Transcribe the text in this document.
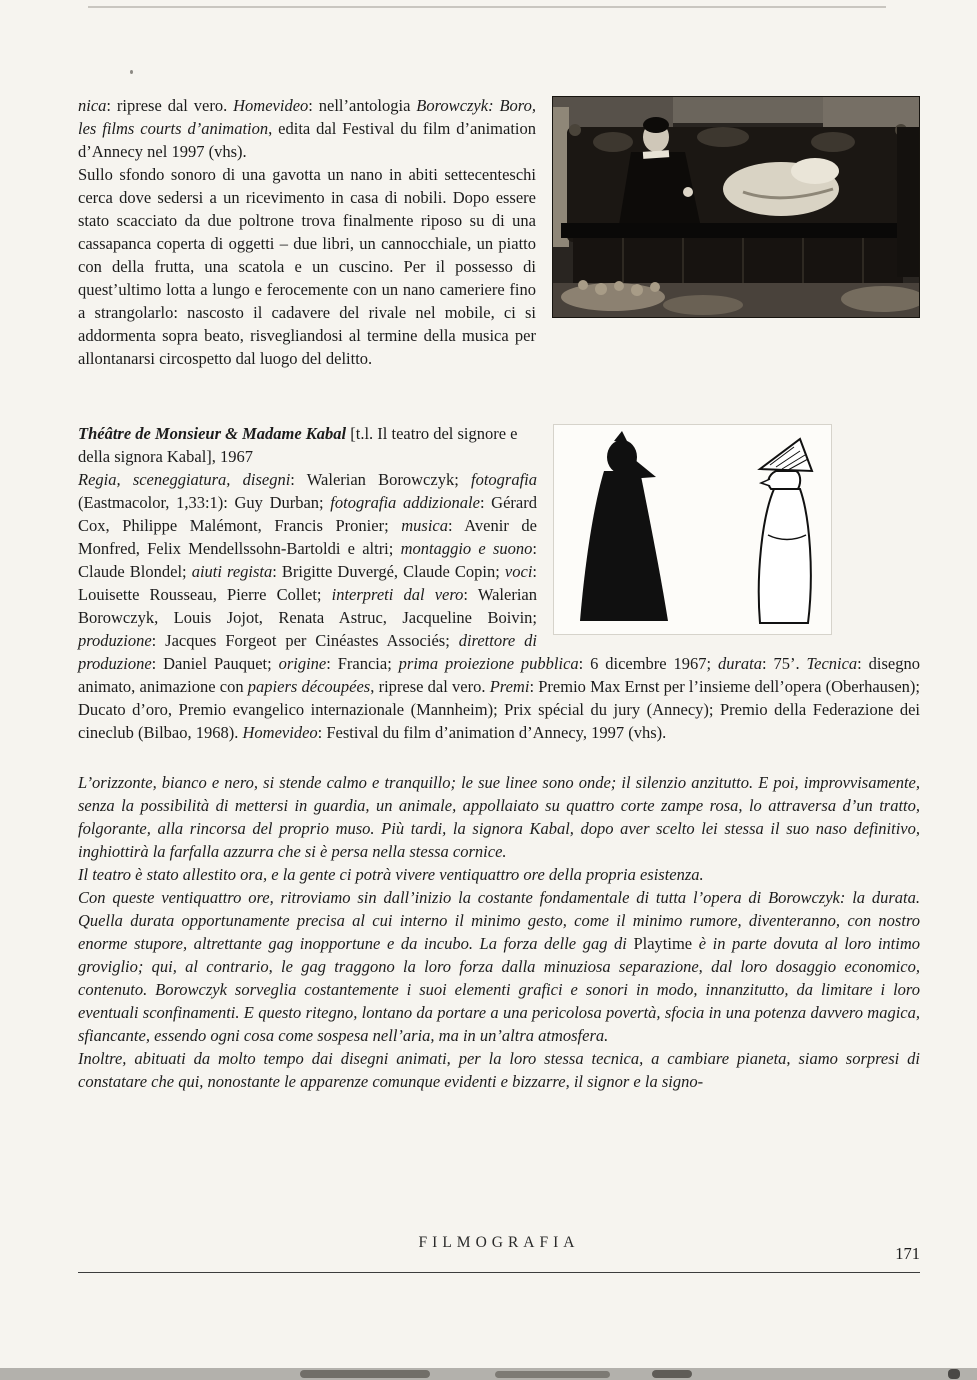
nica: riprese dal vero. Homevideo: nell’antologia Borowczyk: Boro, les films courts d’animation, edita dal Festival du film d’animation d’Annecy nel 1997 (vhs).

Sullo sfondo sonoro di una gavotta un nano in abiti settecenteschi cerca dove sedersi a un ricevimento in casa di nobili. Dopo essere stato scacciato da due poltrone trova finalmente riposo su di una cassapanca coperta di oggetti – due libri, un cannocchiale, un piatto con della frutta, una scatola e un cuscino. Per il possesso di quest’ultimo lotta a lungo e ferocemente con un nano cameriere fino a strangolarlo: nascosto il cadavere del rivale nel mobile, ci si addormenta sopra beato, risvegliandosi al termine della musica per allontanarsi circospetto dal luogo del delitto.

Théâtre de Monsieur & Madame Kabal [t.l. Il teatro del signore e della signora Kabal], 1967

Regia, sceneggiatura, disegni: Walerian Borowczyk; fotografia (Eastmacolor, 1,33:1): Guy Durban; fotografia addizionale: Gérard Cox, Philippe Malémont, Francis Pronier; musica: Avenir de Monfred, Felix Mendellssohn-Bartoldi e altri; montaggio e suono: Claude Blondel; aiuti regista: Brigitte Duvergé, Claude Copin; voci: Louisette Rousseau, Pierre Collet; interpreti dal vero: Walerian Borowczyk, Louis Jojot, Renata Astruc, Jacqueline Boivin; produzione: Jacques Forgeot per Cinéastes Associés; direttore di produzione: Daniel Pauquet; origine: Francia; prima proiezione pubblica: 6 dicembre 1967; durata: 75’. Tecnica: disegno animato, animazione con papiers découpées, riprese dal vero. Premi: Premio Max Ernst per l’insieme dell’opera (Oberhausen); Ducato d’oro, Premio evangelico internazionale (Mannheim); Prix spécial du jury (Annecy); Premio della Federazione dei cineclub (Bilbao, 1968). Homevideo: Festival du film d’animation d’Annecy, 1997 (vhs).

L’orizzonte, bianco e nero, si stende calmo e tranquillo; le sue linee sono onde; il silenzio anzitutto. E poi, improvvisamente, senza la possibilità di mettersi in guardia, un animale, appollaiato su quattro corte zampe rosa, lo attraversa d’un tratto, folgorante, alla rincorsa del proprio muso. Più tardi, la signora Kabal, dopo aver scelto lei stessa il suo naso definitivo, inghiottirà la farfalla azzurra che si è persa nella stessa cornice.

Il teatro è stato allestito ora, e la gente ci potrà vivere ventiquattro ore della propria esistenza.

Con queste ventiquattro ore, ritroviamo sin dall’inizio la costante fondamentale di tutta l’opera di Borowczyk: la durata. Quella durata opportunamente precisa al cui interno il minimo gesto, come il minimo rumore, diventeranno, con nostro enorme stupore, altrettante gag inopportune e da incubo. La forza delle gag di Playtime è in parte dovuta al loro intimo groviglio; qui, al contrario, le gag traggono la loro forza dalla minuziosa separazione, dal loro dosaggio economico, contenuto. Borowczyk sorveglia costantemente i suoi elementi grafici e sonori in modo, innanzitutto, da limitare i loro eventuali sconfinamenti. E questo ritegno, lontano da portare a una pericolosa povertà, sfocia in una potenza davvero magica, sfiancante, essendo ogni cosa come sospesa nell’aria, ma in un’altra atmosfera.

Inoltre, abituati da molto tempo dai disegni animati, per la loro stessa tecnica, a cambiare pianeta, siamo sorpresi di constatare che qui, nonostante le apparenze comunque evidenti e bizzarre, il signor e la signo-

FILMOGRAFIA
171
